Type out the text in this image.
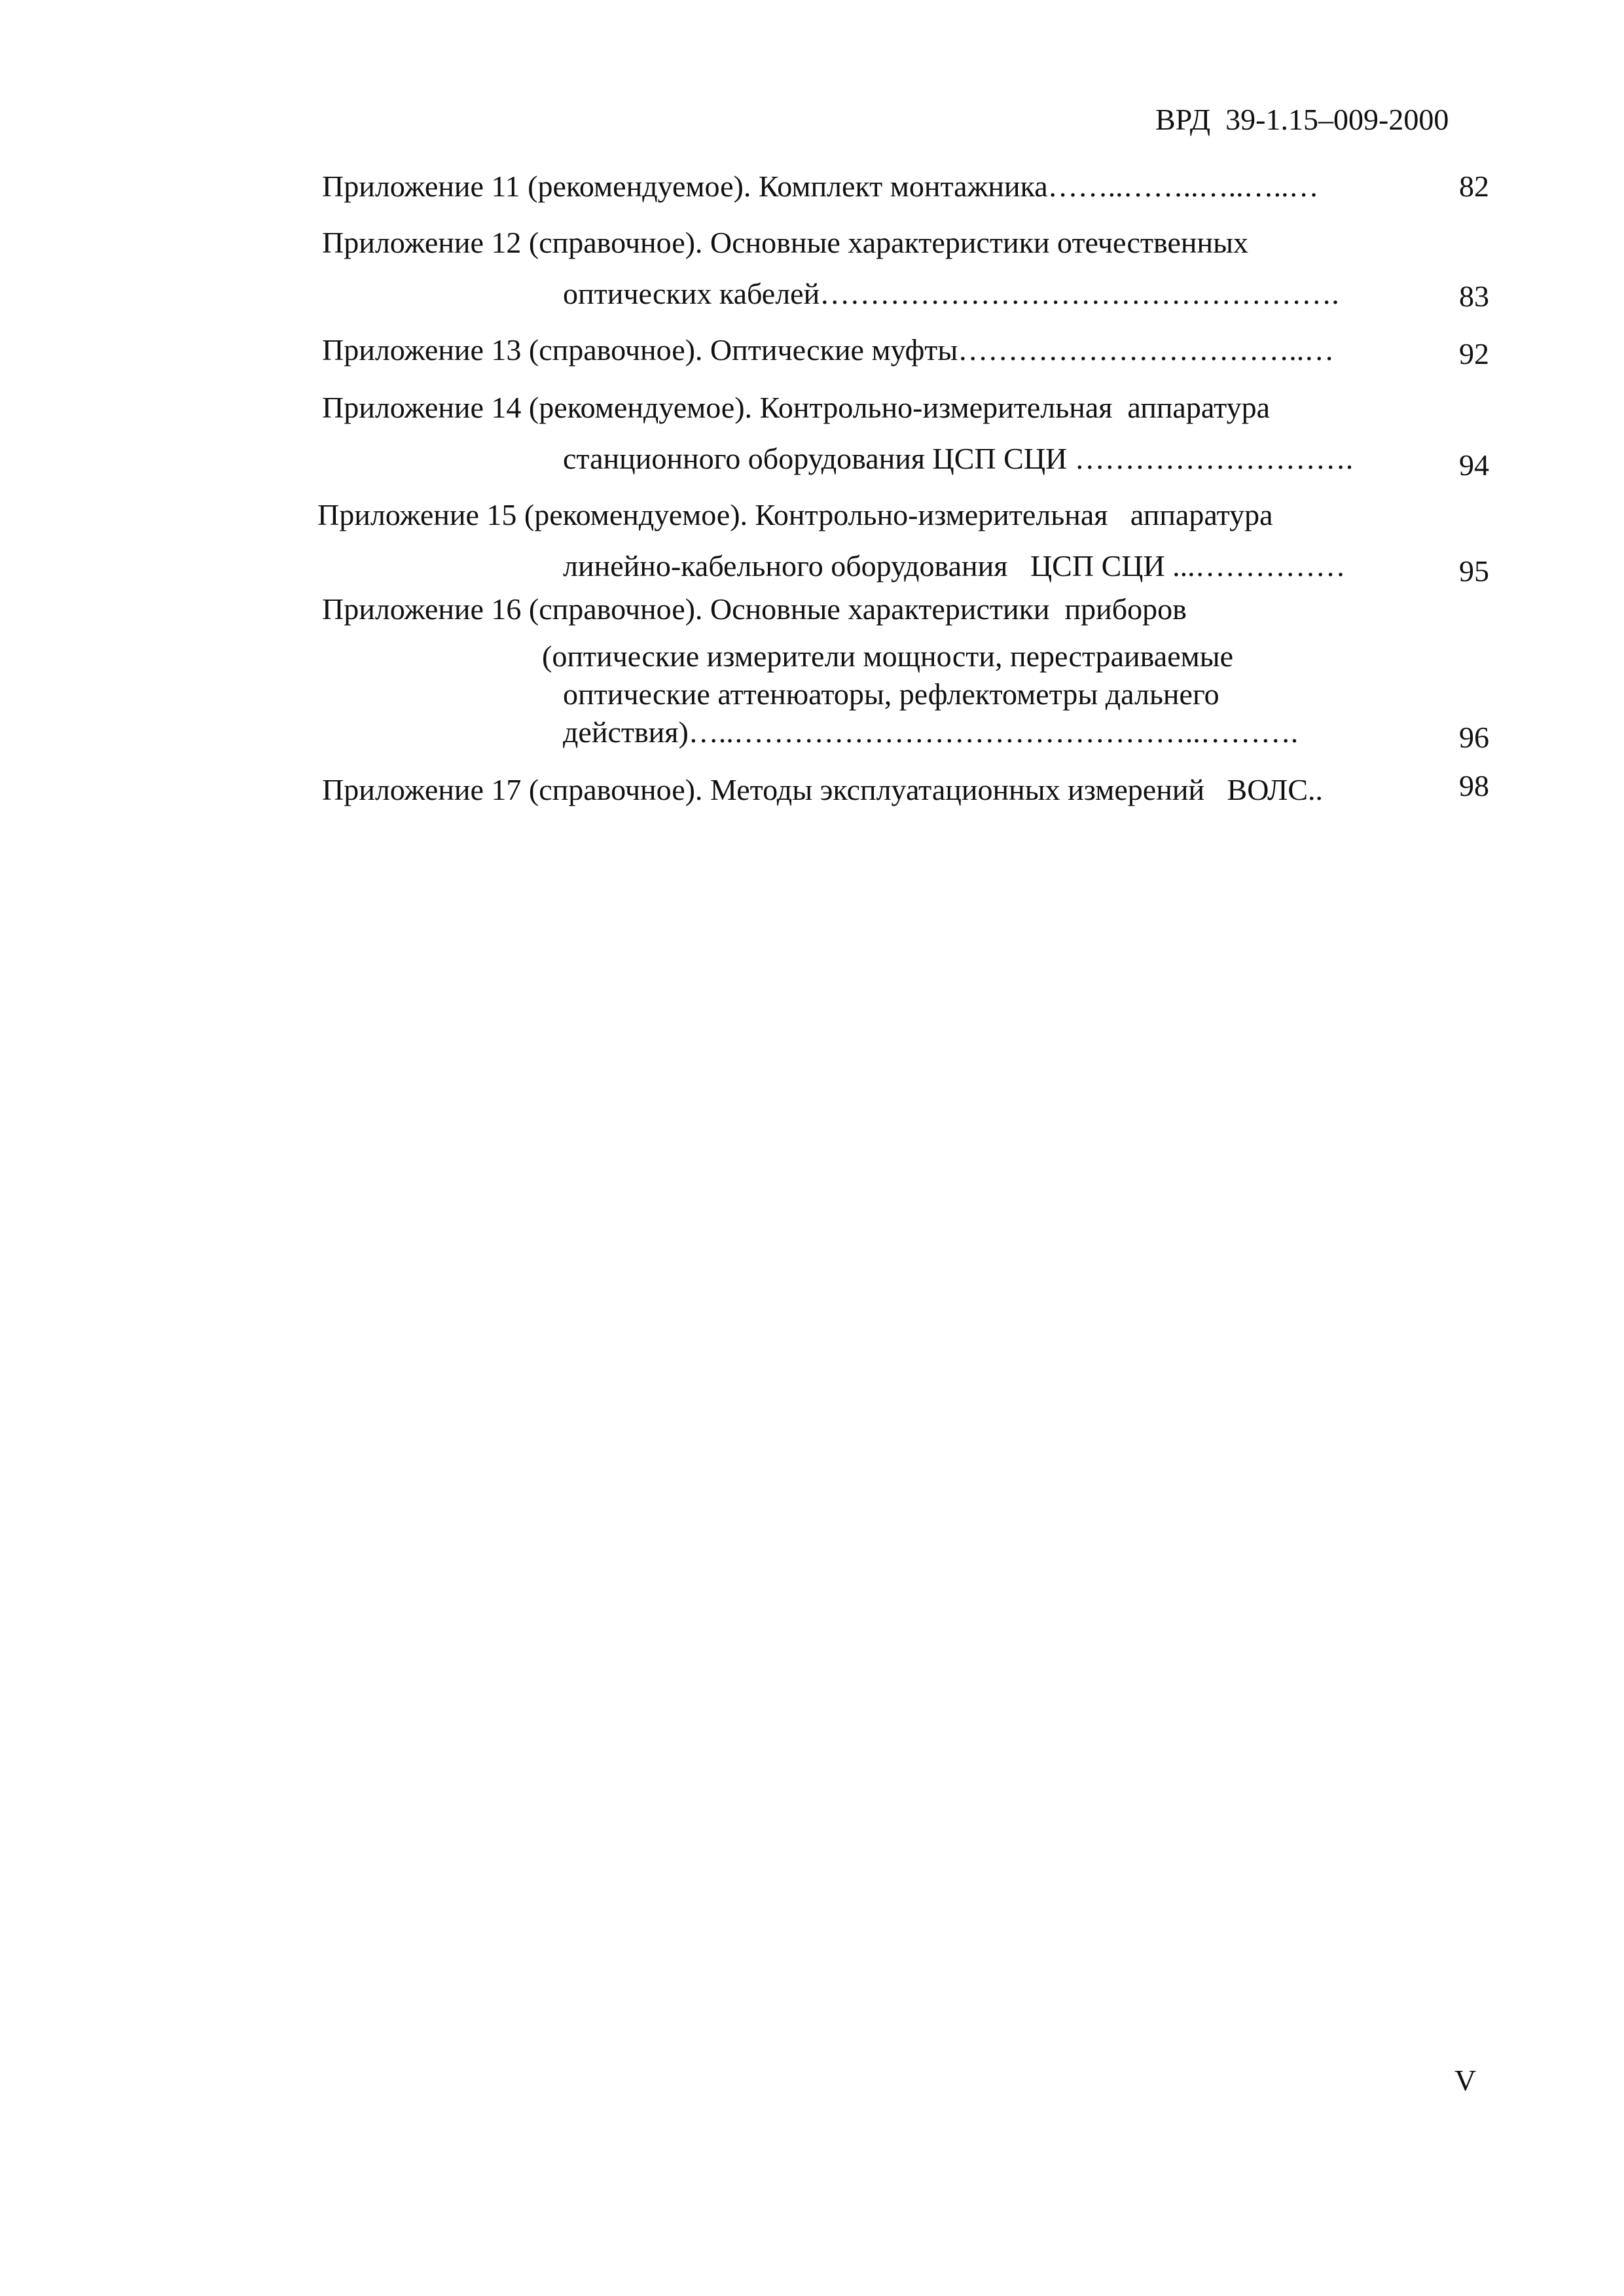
ВРД  39-1.15–009-2000
Приложение 11 (рекомендуемое). Комплект монтажника……..……..…..…..…	82
Приложение 12 (справочное). Основные характеристики отечественных
оптических кабелей…………………………………………….	83
Приложение 13 (справочное). Оптические муфты……………………………..…	92
Приложение 14 (рекомендуемое). Контрольно-измерительная  аппаратура
станционного оборудования ЦСП СЦИ ……………………….	94
Приложение 15 (рекомендуемое). Контрольно-измерительная   аппаратура
линейно-кабельного оборудования   ЦСП СЦИ ...……………	95
Приложение 16 (справочное). Основные характеристики  приборов
(оптические измерители мощности, перестраиваемые
оптические аттенюаторы, рефлектометры дальнего
действия)…..………………………………………..……….	96
Приложение 17 (справочное). Методы эксплуатационных измерений   ВОЛС..	98
V
